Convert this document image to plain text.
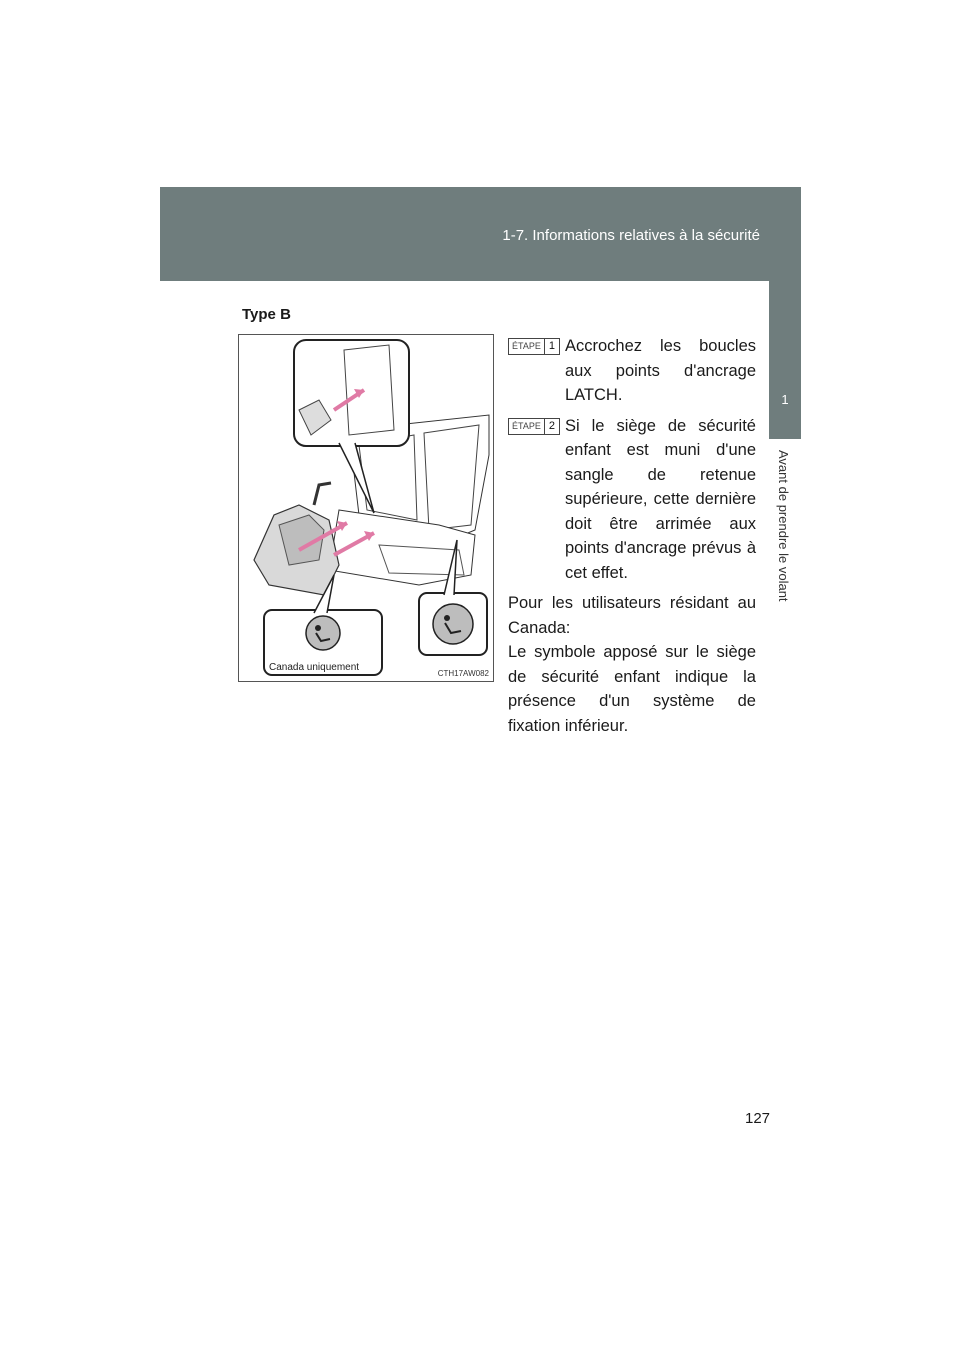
1-7. Informations relatives à la sécurité
1
Avant de prendre le volant
Type B
Canada uniquement
CTH17AW082
ÉTAPE 1 Accrochez les boucles aux points d'ancrage LATCH.
ÉTAPE 2 Si le siège de sécurité enfant est muni d'une sangle de retenue supérieure, cette dernière doit être arrimée aux points d'ancrage prévus à cet effet.

Pour les utilisateurs résidant au Canada:

Le symbole apposé sur le siège de sécurité enfant indique la présence d'un système de fixation inférieur.

127
